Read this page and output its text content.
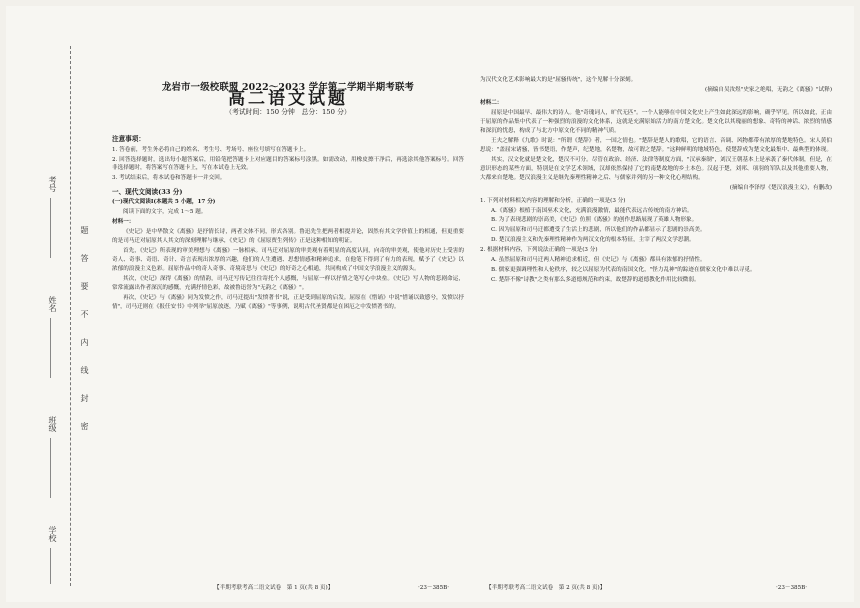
考号
姓名
班级
学校
题
答
要
不
内
线
封
密
龙岩市一级校联盟 2022～2023 学年第二学期半期考联考
高二语文试题
（考试时间：150 分钟　总分：150 分）
注意事项：
1. 答卷前，考生务必将自己的姓名、考生号、考场号、座位号填写在答题卡上。
2. 回答选择题时，选出每小题答案后，用铅笔把答题卡上对应题目的答案标号涂黑。如需改动，用橡皮擦干净后，再选涂其他答案标号。回答非选择题时，将答案写在答题卡上，写在本试卷上无效。
3. 考试结束后，将本试卷和答题卡一并交回。
一、现代文阅读(33 分)
(一)现代文阅读Ⅰ(本题共 5 小题，17 分)
阅读下面的文字，完成 1～5 题。
材料一：
《史记》是中华散文《离骚》是抒情长诗，两者文体不同，形式各别。鲁迅先生把两者相提并论，固然有其文学价值上的相通，但更重要的是司马迁对屈原其人其文的深刻理解与继承，《史记》的《屈原贾生列传》正是这种相知的明证。
首先，《史记》所表现的审美理想与《离骚》一脉相承。司马迁对屈原的审美观有着明显的高度认同，向奇的审美观，使他对历史上受害的奇人、奇事、奇语、奇计、奇言表现出浓厚的兴趣，他们的人生遭遇、思想情感和精神追求，在他笔下得到了有力的表现，赋予了《史记》以浓郁的浪漫主义色彩。屈原作品中的奇人奇事、奇境奇思与《史记》的好奇之心相通，共同构成了中国文学浪漫主义的源头。
其次，《史记》深得《离骚》的情韵，司马迁写传记往往寄托个人感慨，与屈原一样以抒情之笔写心中块垒。《史记》写人物的悲剧命运，常常流露出作者深沉的感慨，充满抒情色彩，故被鲁迅誉为"无韵之《离骚》"。
再次，《史记》与《离骚》同为发愤之作，司马迁提出"发愤著书"说，正是受到屈原的启发。屈原在《惜诵》中说"惜诵以致愍兮，发愤以抒情"，司马迁则在《报任安书》中列举"屈原放逐，乃赋《离骚》"等事例，说明古代圣贤都是在困厄之中发愤著书的。
为汉代文化艺术影响最大的是"屈骚传统"，这个见解十分深刻。
(摘编自吴汝煜"史家之绝唱，无韵之《离骚》"试释)
材料二：
屈原是中国最早、最伟大的诗人。他"奇瑰词人，旷代无匹"。一个人能够在中国文化史上产生如此深远的影响，确乎罕见。所以如此，正由于屈原的作品集中代表了一种强烈的浪漫的文化体系，这就是充满原始活力的南方楚文化。楚文化以其瑰丽的想象、奇特的神话、浓烈的情感和深沉的忧患，构成了与北方中原文化不同的精神气质。
王夫之解释《九歌》时说："所谓《楚辞》者，一国之情也。"楚辞是楚人的歌唱，它的语言、音调、风物都带有浓厚的楚地特色。宋人黄伯思说："盖屈宋诸骚，皆书楚语，作楚声，纪楚地，名楚物，故可谓之楚辞。"这种鲜明的地域特色，使楚辞成为楚文化最集中、最典型的体现。
其实，汉文化就是楚文化，楚汉不可分。尽管在政治、经济、法律等制度方面，"汉承秦制"，刘汉王朝基本上是承袭了秦代体制，但是，在意识形态的某些方面，特别是在文学艺术领域，汉却依然保持了它的南楚故地的乡土本色。汉起于楚，刘邦、项羽的军队以及其他重要人物，大都来自楚地。楚汉浪漫主义是继先秦理性精神之后、与儒家并列的另一种文化心理结构。
(摘编自李泽厚《楚汉浪漫主义》，有删改)
1. 下列对材料相关内容的理解和分析，正确的一项是(3 分)
A.《离骚》根植于南国巫术文化，充满浪漫激情，最能代表远古传统的南方神话。
B. 为了表现悲剧的崇高美，《史记》仿照《离骚》的创作思路展现了英雄人物形象。
C. 因为屈原和司马迁都遭受了生活上的悲剧，所以他们的作品都显示了悲剧的崇高美。
D. 楚汉浪漫主义和先秦理性精神作为两汉文化的根本特征，主宰了两汉文学思潮。
2. 根据材料内容，下列说法正确的一项是(3 分)
A. 虽然屈原和司马迁两人精神追求相近，但《史记》与《离骚》都具有浓郁的抒情性。
B. 儒家更强调理性和人伦秩序，较之以屈原为代表的南国文化，"怪力乱神"的踪迹在儒家文化中难以寻觅。
C. 楚辞不像"诗教"之类有那么多道德规范和约束，故楚辞的道德教化作用比较微弱。
【半期考联考高二语文试卷　第 1 页(共 8 页)】	·23－385B·	【半期考联考高二语文试卷　第 2 页(共 8 页)】	·23－385B·
